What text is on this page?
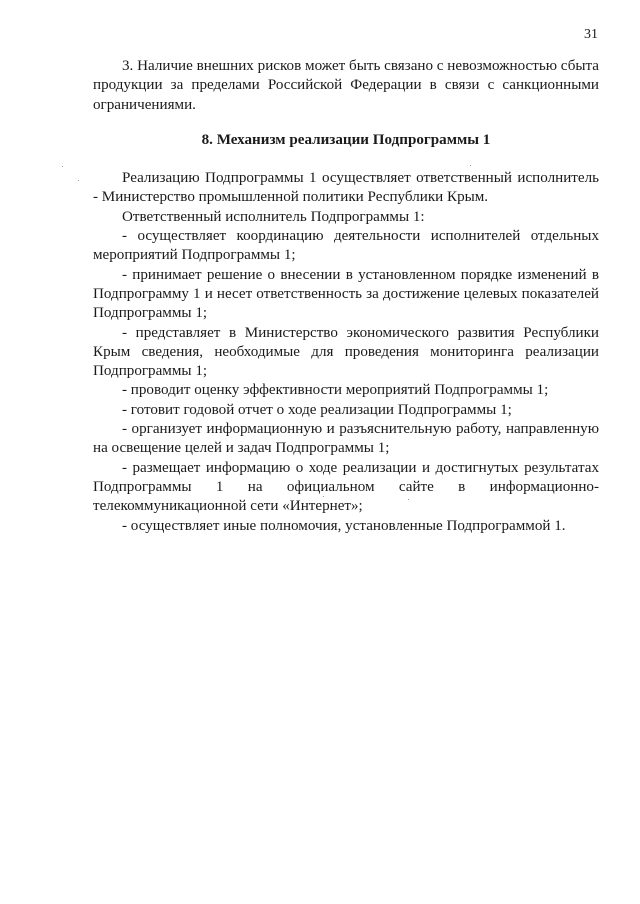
31

3. Наличие внешних рисков может быть связано с невозможностью сбыта продукции за пределами Российской Федерации в связи с санкционными ограничениями.

8. Механизм реализации Подпрограммы 1

Реализацию Подпрограммы 1 осуществляет ответственный исполнитель - Министерство промышленной политики Республики Крым.

Ответственный исполнитель Подпрограммы 1:

- осуществляет координацию деятельности исполнителей отдельных мероприятий Подпрограммы 1;

- принимает решение о внесении в установленном порядке изменений в Подпрограмму 1 и несет ответственность за достижение целевых показателей Подпрограммы 1;

- представляет в Министерство экономического развития Республики Крым сведения, необходимые для проведения мониторинга реализации Подпрограммы 1;

- проводит оценку эффективности мероприятий Подпрограммы 1;

- готовит годовой отчет о ходе реализации Подпрограммы 1;

- организует информационную и разъяснительную работу, направленную на освещение целей и задач Подпрограммы 1;

- размещает информацию о ходе реализации и достигнутых результатах Подпрограммы 1 на официальном сайте в информационно-телекоммуникационной сети «Интернет»;

- осуществляет иные полномочия, установленные Подпрограммой 1.
